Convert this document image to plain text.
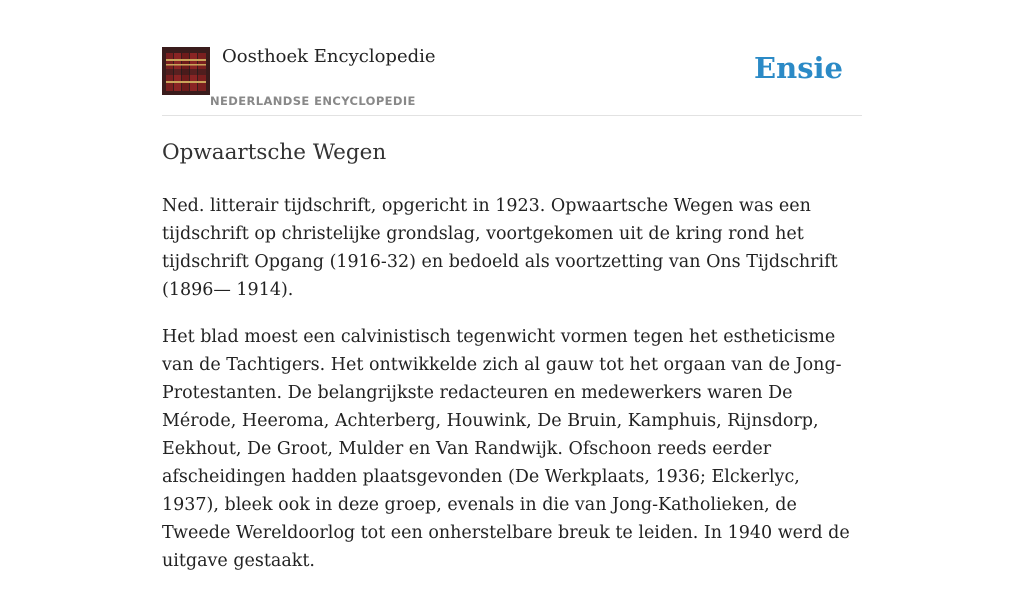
Oosthoek Encyclopedie
NEDERLANDSE ENCYCLOPEDIE
Ensie
Opwaartsche Wegen

Ned. litterair tijdschrift, opgericht in 1923. Opwaartsche Wegen was een tijdschrift op christelijke grondslag, voortgekomen uit de kring rond het tijdschrift Opgang (1916-32) en bedoeld als voortzetting van Ons Tijdschrift (1896— 1914).

Het blad moest een calvinistisch tegenwicht vormen tegen het estheticisme van de Tachtigers. Het ontwikkelde zich al gauw tot het orgaan van de Jong-Protestanten. De belangrijkste redacteuren en medewerkers waren De Mérode, Heeroma, Achterberg, Houwink, De Bruin, Kamphuis, Rijnsdorp, Eekhout, De Groot, Mulder en Van Randwijk. Ofschoon reeds eerder afscheidingen hadden plaatsgevonden (De Werkplaats, 1936; Elckerlyc, 1937), bleek ook in deze groep, evenals in die van Jong-Katholieken, de Tweede Wereldoorlog tot een onherstelbare breuk te leiden. In 1940 werd de uitgave gestaakt.
